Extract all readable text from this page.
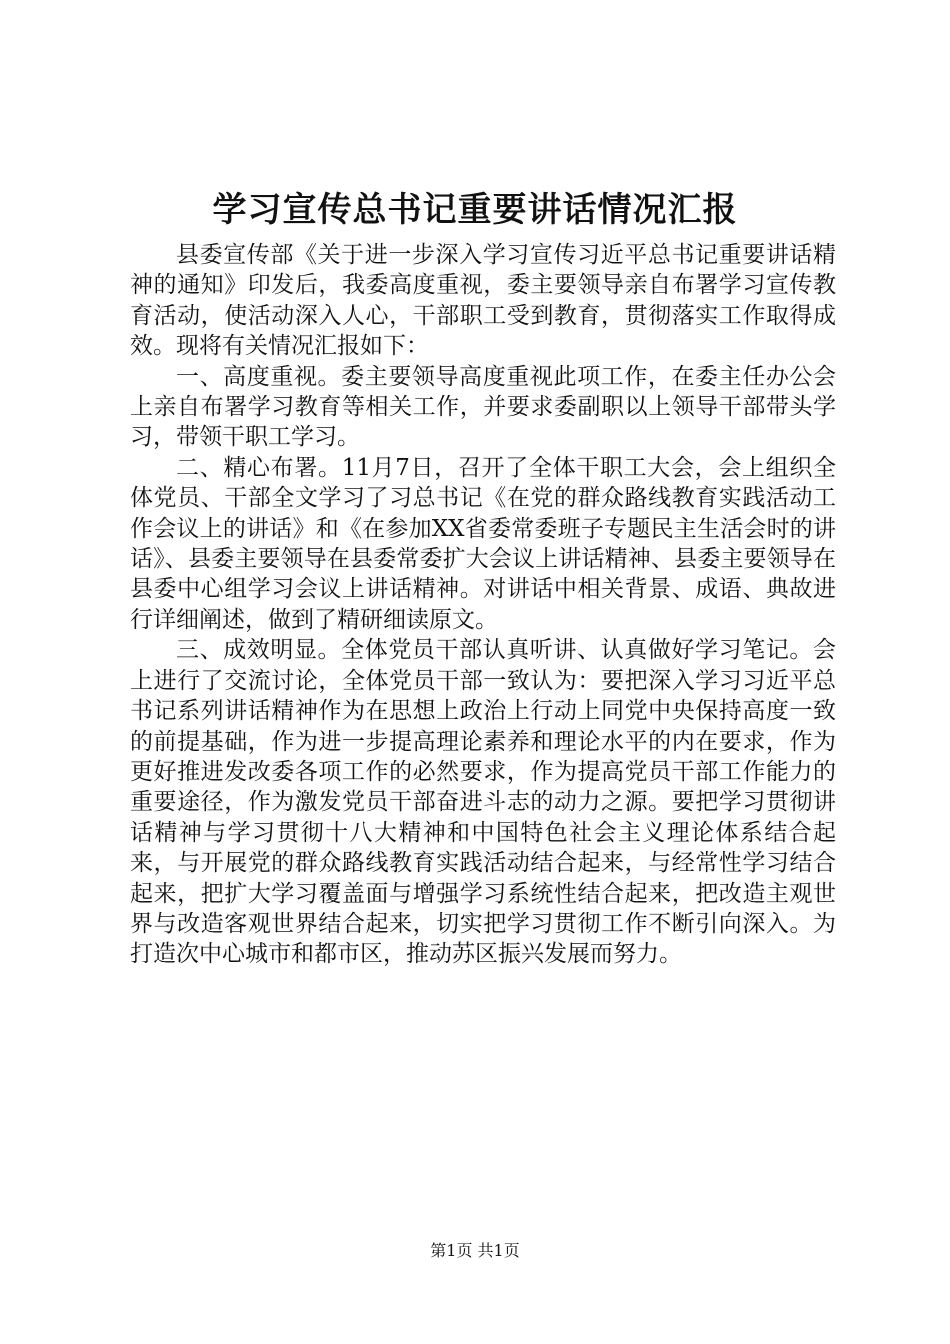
学习宣传总书记重要讲话情况汇报

县委宣传部《关于进一步深入学习宣传习近平总书记重要讲话精神的通知》印发后，我委高度重视，委主要领导亲自布署学习宣传教育活动，使活动深入人心，干部职工受到教育，贯彻落实工作取得成效。现将有关情况汇报如下：

一、高度重视。委主要领导高度重视此项工作，在委主任办公会上亲自布署学习教育等相关工作，并要求委副职以上领导干部带头学习，带领干职工学习。

二、精心布署。11月7日，召开了全体干职工大会，会上组织全体党员、干部全文学习了习总书记《在党的群众路线教育实践活动工作会议上的讲话》和《在参加XX省委常委班子专题民主生活会时的讲话》、县委主要领导在县委常委扩大会议上讲话精神、县委主要领导在县委中心组学习会议上讲话精神。对讲话中相关背景、成语、典故进行详细阐述，做到了精研细读原文。

三、成效明显。全体党员干部认真听讲、认真做好学习笔记。会上进行了交流讨论，全体党员干部一致认为：要把深入学习习近平总书记系列讲话精神作为在思想上政治上行动上同党中央保持高度一致的前提基础，作为进一步提高理论素养和理论水平的内在要求，作为更好推进发改委各项工作的必然要求，作为提高党员干部工作能力的重要途径，作为激发党员干部奋进斗志的动力之源。要把学习贯彻讲话精神与学习贯彻十八大精神和中国特色社会主义理论体系结合起来，与开展党的群众路线教育实践活动结合起来，与经常性学习结合起来，把扩大学习覆盖面与增强学习系统性结合起来，把改造主观世界与改造客观世界结合起来，切实把学习贯彻工作不断引向深入。为打造次中心城市和都市区，推动苏区振兴发展而努力。

第1页 共1页
